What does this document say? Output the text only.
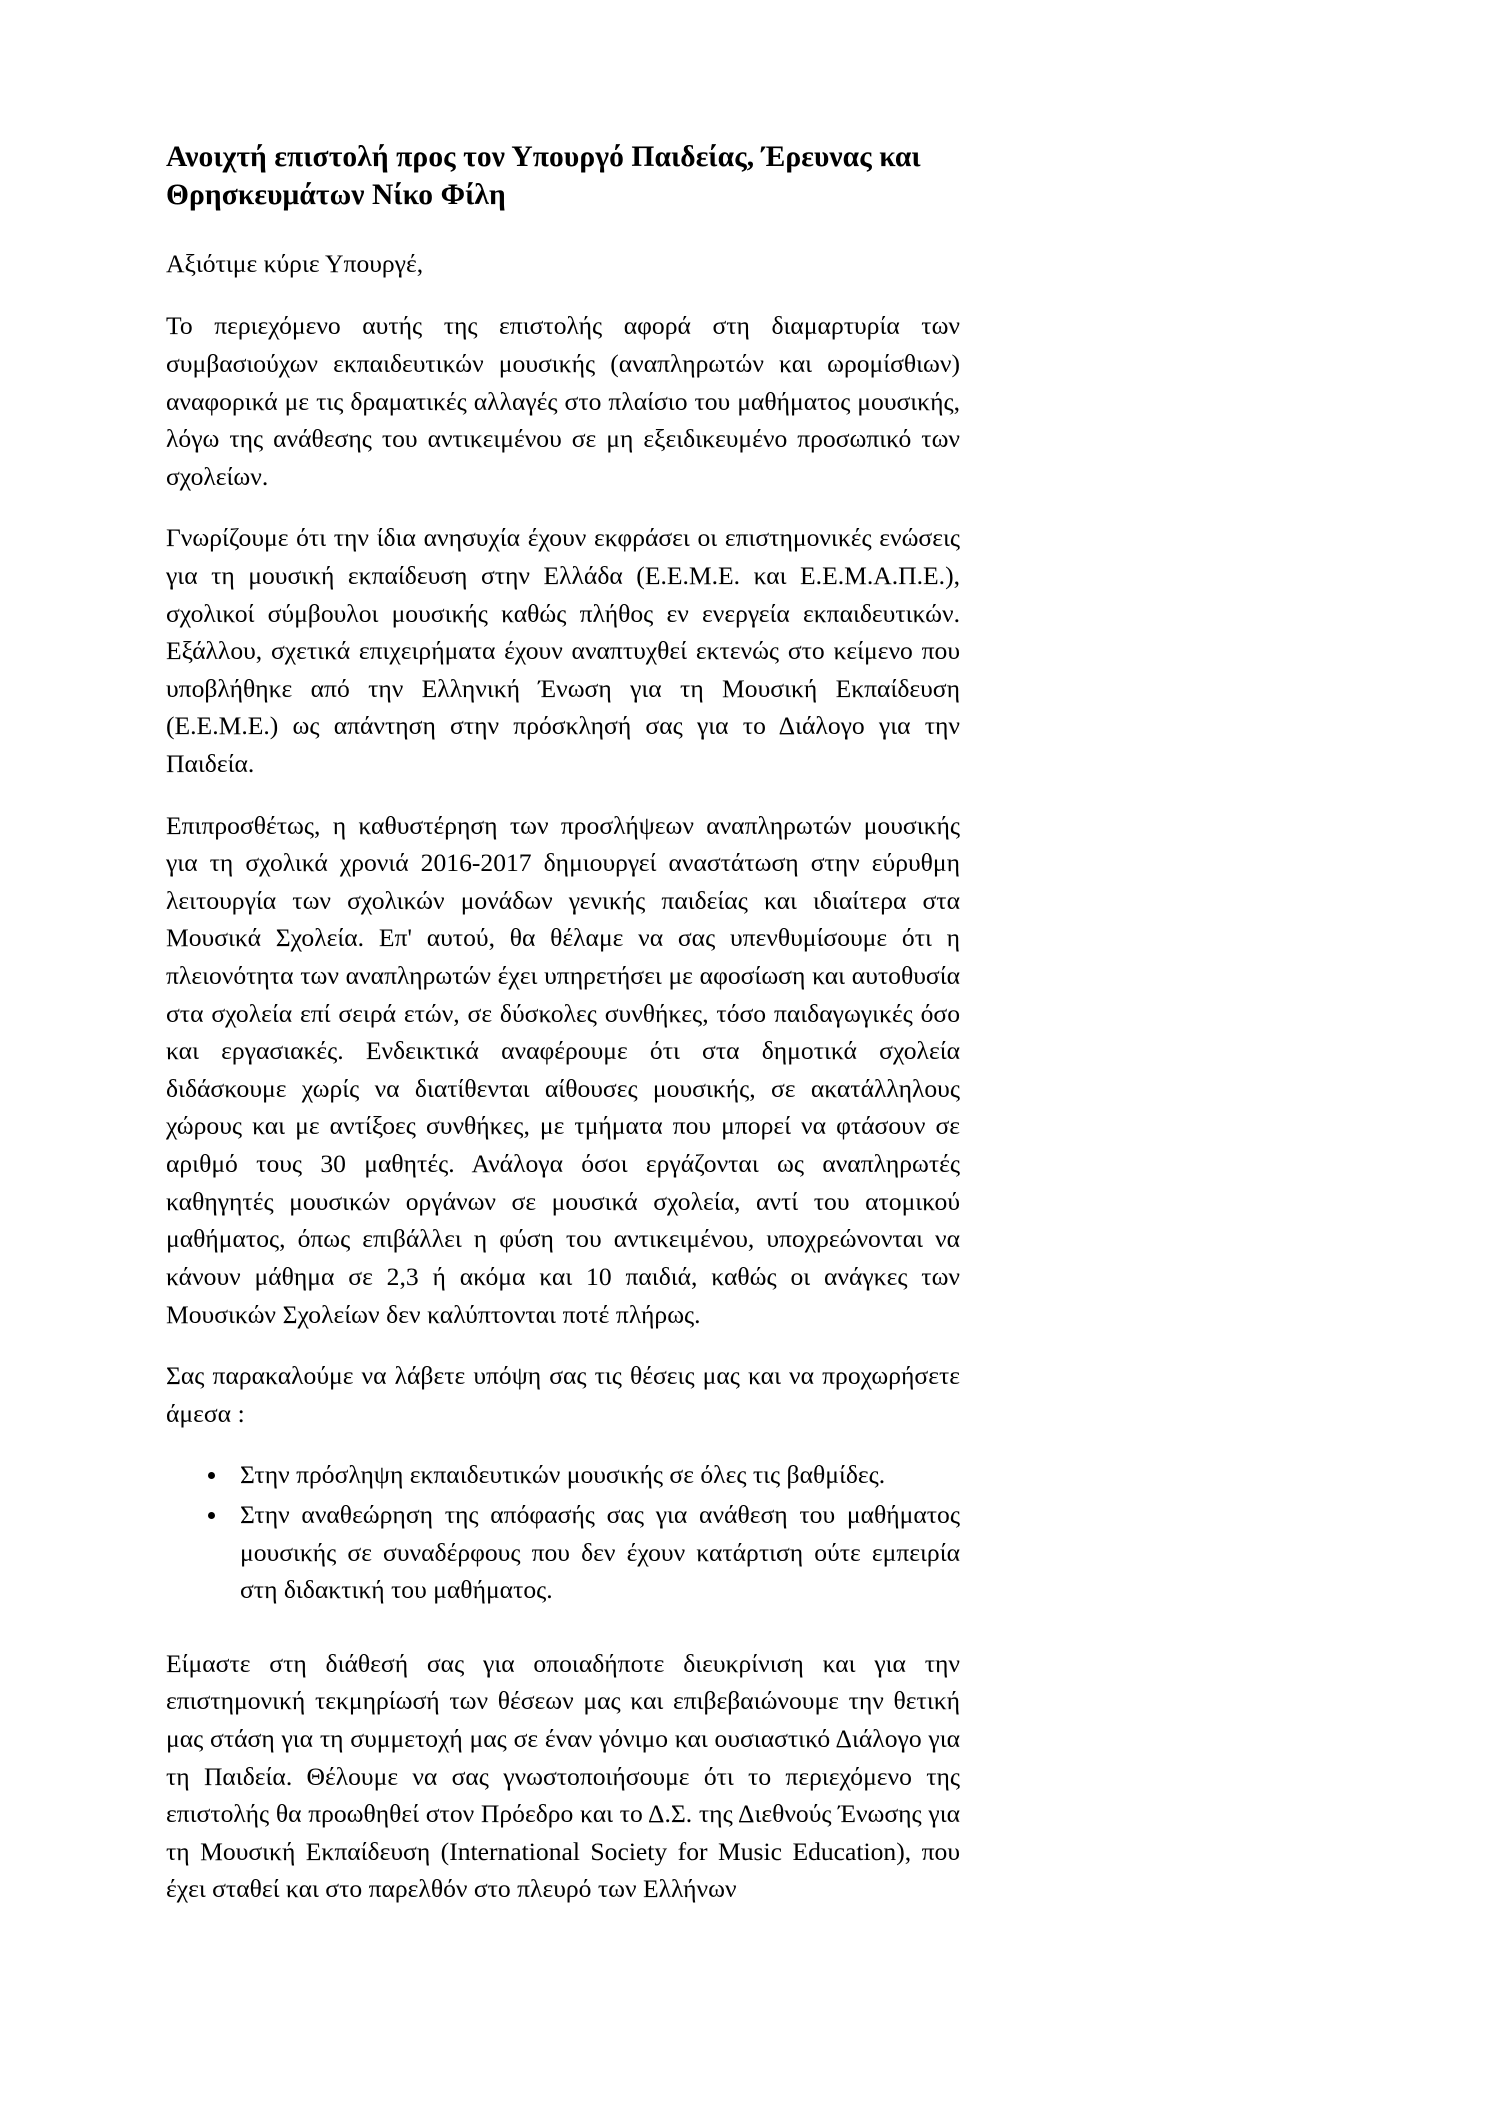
Ανοιχτή επιστολή προς τον Υπουργό Παιδείας, Έρευνας και
Θρησκευμάτων Νίκο Φίλη

Αξιότιμε κύριε Υπουργέ,

Το περιεχόμενο αυτής της επιστολής αφορά στη διαμαρτυρία των συμβασιούχων εκπαιδευτικών μουσικής (αναπληρωτών και ωρομίσθιων) αναφορικά με τις δραματικές αλλαγές στο πλαίσιο του μαθήματος μουσικής, λόγω της ανάθεσης του αντικειμένου σε μη εξειδικευμένο προσωπικό των σχολείων.

Γνωρίζουμε ότι την ίδια ανησυχία έχουν εκφράσει οι επιστημονικές ενώσεις για τη μουσική εκπαίδευση στην Ελλάδα (Ε.Ε.Μ.Ε. και Ε.Ε.Μ.Α.Π.Ε.), σχολικοί σύμβουλοι μουσικής καθώς πλήθος εν ενεργεία εκπαιδευτικών. Εξάλλου, σχετικά επιχειρήματα έχουν αναπτυχθεί εκτενώς στο κείμενο που υποβλήθηκε από την Ελληνική Ένωση για τη Μουσική Εκπαίδευση (Ε.Ε.Μ.Ε.) ως απάντηση στην πρόσκλησή σας για το Διάλογο για την Παιδεία.

Επιπροσθέτως, η καθυστέρηση των προσλήψεων αναπληρωτών μουσικής για τη σχολικά χρονιά 2016-2017 δημιουργεί αναστάτωση στην εύρυθμη λειτουργία των σχολικών μονάδων γενικής παιδείας και ιδιαίτερα στα Μουσικά Σχολεία. Επ' αυτού, θα θέλαμε να σας υπενθυμίσουμε ότι η πλειονότητα των αναπληρωτών έχει υπηρετήσει με αφοσίωση και αυτοθυσία στα σχολεία επί σειρά ετών, σε δύσκολες συνθήκες, τόσο παιδαγωγικές όσο και εργασιακές. Ενδεικτικά αναφέρουμε ότι στα δημοτικά σχολεία διδάσκουμε χωρίς να διατίθενται αίθουσες μουσικής, σε ακατάλληλους χώρους και με αντίξοες συνθήκες, με τμήματα που μπορεί να φτάσουν σε αριθμό τους 30 μαθητές. Ανάλογα όσοι εργάζονται ως αναπληρωτές καθηγητές μουσικών οργάνων σε μουσικά σχολεία, αντί του ατομικού μαθήματος, όπως επιβάλλει η φύση του αντικειμένου, υποχρεώνονται να κάνουν μάθημα σε 2,3 ή ακόμα και 10 παιδιά, καθώς οι ανάγκες των Μουσικών Σχολείων δεν καλύπτονται ποτέ πλήρως.

Σας παρακαλούμε να λάβετε υπόψη σας τις θέσεις μας και να προχωρήσετε άμεσα :

Στην πρόσληψη εκπαιδευτικών μουσικής σε όλες τις βαθμίδες.
Στην αναθεώρηση της απόφασής σας για ανάθεση του μαθήματος μουσικής σε συναδέρφους που δεν έχουν κατάρτιση ούτε εμπειρία στη διδακτική του μαθήματος.

Είμαστε στη διάθεσή σας για οποιαδήποτε διευκρίνιση και για την επιστημονική τεκμηρίωσή των θέσεων μας και επιβεβαιώνουμε την θετική μας στάση για τη συμμετοχή μας σε έναν γόνιμο και ουσιαστικό Διάλογο για τη Παιδεία. Θέλουμε να σας γνωστοποιήσουμε ότι το περιεχόμενο της επιστολής θα προωθηθεί στον Πρόεδρο και το Δ.Σ. της Διεθνούς Ένωσης για τη Μουσική Εκπαίδευση (International Society for Music Education), που έχει σταθεί και στο παρελθόν στο πλευρό των Ελλήνων
